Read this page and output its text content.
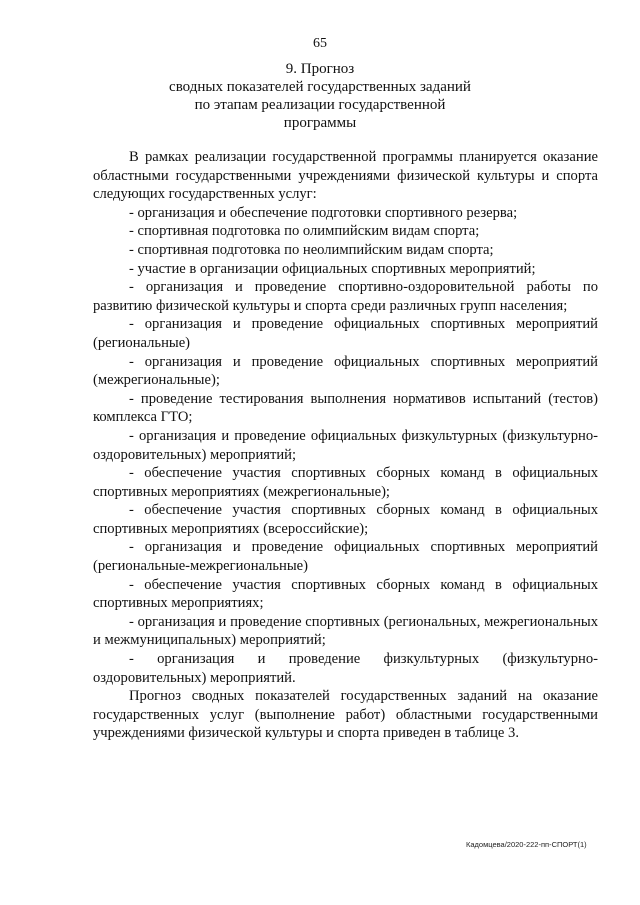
65
9. Прогноз
сводных показателей государственных заданий
по этапам реализации государственной
программы

В рамках реализации государственной программы планируется оказание областными государственными учреждениями физической культуры и спорта следующих государственных услуг:

- организация и обеспечение подготовки спортивного резерва;

- спортивная подготовка по олимпийским видам спорта;

- спортивная подготовка по неолимпийским видам спорта;

- участие в организации официальных спортивных мероприятий;

- организация и проведение спортивно-оздоровительной работы по развитию физической культуры и спорта среди различных групп населения;

- организация и проведение официальных спортивных мероприятий (региональные)

- организация и проведение официальных спортивных мероприятий (межрегиональные);

- проведение тестирования выполнения нормативов испытаний (тестов) комплекса ГТО;

- организация и проведение официальных физкультурных (физкультурно-оздоровительных) мероприятий;

- обеспечение участия спортивных сборных команд в официальных спортивных мероприятиях (межрегиональные);

- обеспечение участия спортивных сборных команд в официальных спортивных мероприятиях (всероссийские);

- организация и проведение официальных спортивных мероприятий (региональные-межрегиональные)

- обеспечение участия спортивных сборных команд в официальных спортивных мероприятиях;

- организация и проведение спортивных (региональных, межрегиональных и межмуниципальных) мероприятий;

- организация и проведение физкультурных (физкультурно-оздоровительных) мероприятий.

Прогноз сводных показателей государственных заданий на оказание государственных услуг (выполнение работ) областными государственными учреждениями физической культуры и спорта приведен в таблице 3.

Кадомцева/2020-222-пп-СПОРТ(1)
